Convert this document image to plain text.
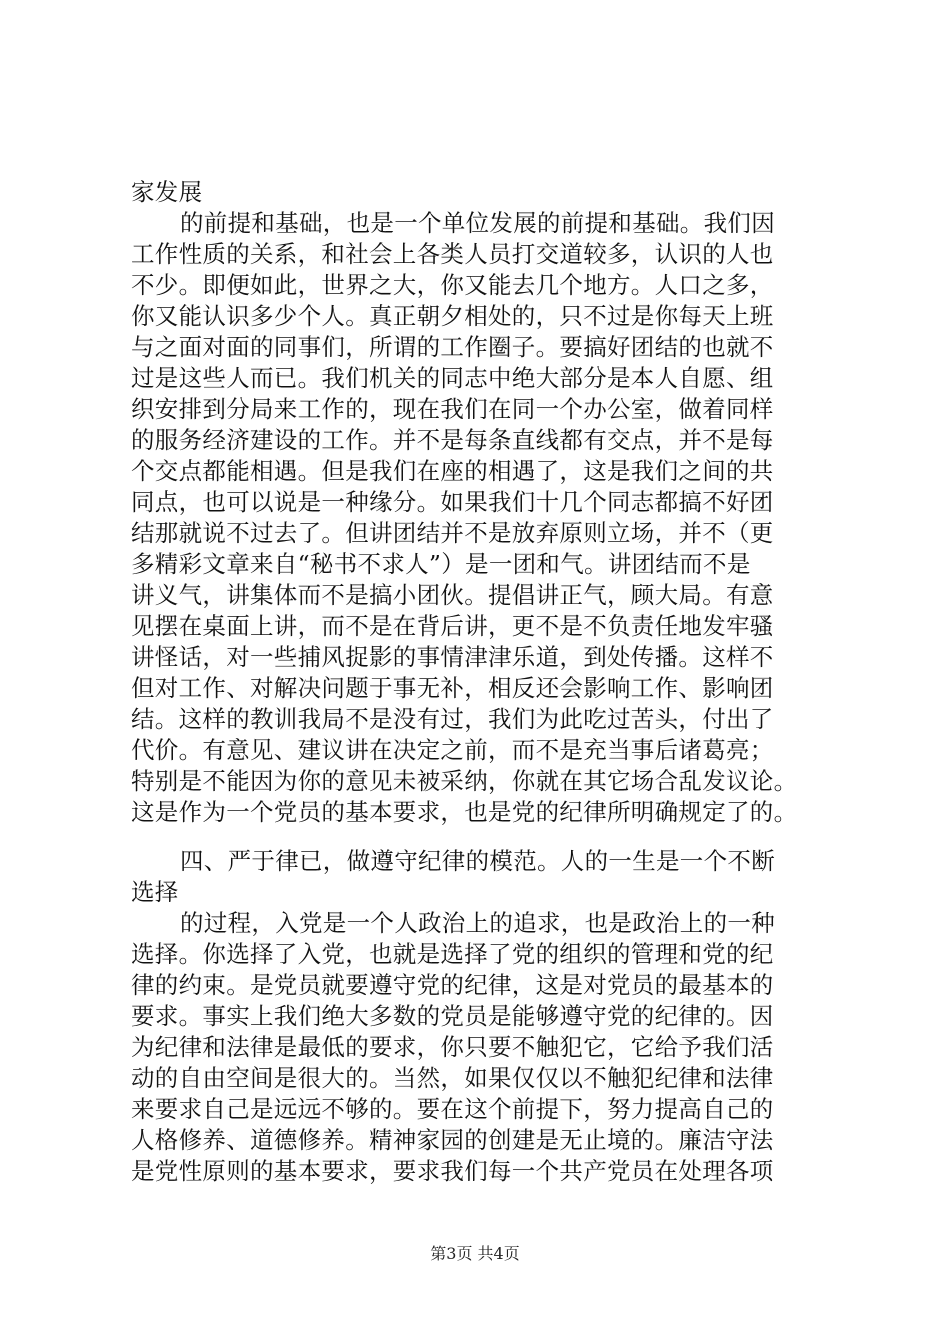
家发展
的前提和基础，也是一个单位发展的前提和基础。我们因
工作性质的关系，和社会上各类人员打交道较多，认识的人也
不少。即便如此，世界之大，你又能去几个地方。人口之多，
你又能认识多少个人。真正朝夕相处的，只不过是你每天上班
与之面对面的同事们，所谓的工作圈子。要搞好团结的也就不
过是这些人而已。我们机关的同志中绝大部分是本人自愿、组
织安排到分局来工作的，现在我们在同一个办公室，做着同样
的服务经济建设的工作。并不是每条直线都有交点，并不是每
个交点都能相遇。但是我们在座的相遇了，这是我们之间的共
同点，也可以说是一种缘分。如果我们十几个同志都搞不好团
结那就说不过去了。但讲团结并不是放弃原则立场，并不（更
多精彩文章来自“秘书不求人”）是一团和气。讲团结而不是
讲义气，讲集体而不是搞小团伙。提倡讲正气，顾大局。有意
见摆在桌面上讲，而不是在背后讲，更不是不负责任地发牢骚
讲怪话，对一些捕风捉影的事情津津乐道，到处传播。这样不
但对工作、对解决问题于事无补，相反还会影响工作、影响团
结。这样的教训我局不是没有过，我们为此吃过苦头，付出了
代价。有意见、建议讲在决定之前，而不是充当事后诸葛亮；
特别是不能因为你的意见未被采纳，你就在其它场合乱发议论。
这是作为一个党员的基本要求，也是党的纪律所明确规定了的。
四、严于律已，做遵守纪律的模范。人的一生是一个不断
选择
的过程，入党是一个人政治上的追求，也是政治上的一种
选择。你选择了入党，也就是选择了党的组织的管理和党的纪
律的约束。是党员就要遵守党的纪律，这是对党员的最基本的
要求。事实上我们绝大多数的党员是能够遵守党的纪律的。因
为纪律和法律是最低的要求，你只要不触犯它，它给予我们活
动的自由空间是很大的。当然，如果仅仅以不触犯纪律和法律
来要求自己是远远不够的。要在这个前提下，努力提高自己的
人格修养、道德修养。精神家园的创建是无止境的。廉洁守法
是党性原则的基本要求，要求我们每一个共产党员在处理各项
第3页 共4页
